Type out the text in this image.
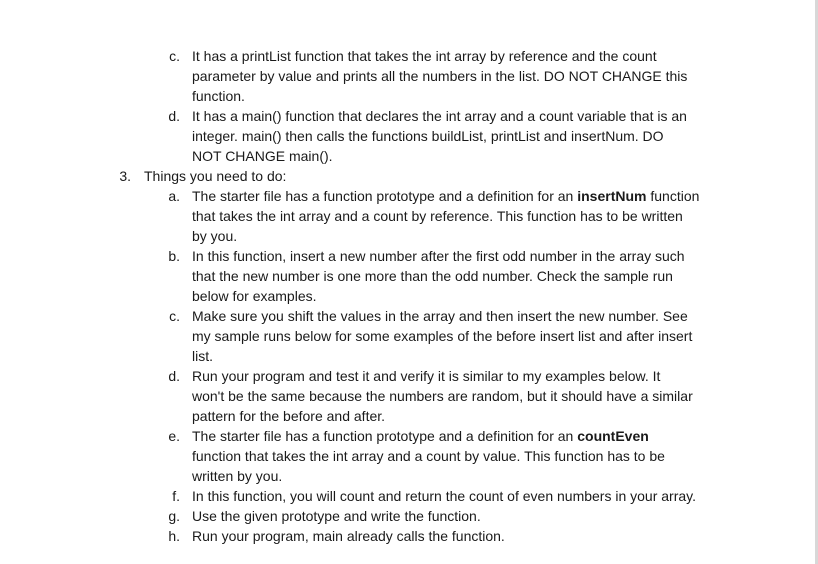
c. It has a printList function that takes the int array by reference and the count
parameter by value and prints all the numbers in the list. DO NOT CHANGE this
function.
d. It has a main() function that declares the int array and a count variable that is an
integer. main() then calls the functions buildList, printList and insertNum. DO
NOT CHANGE main().
3. Things you need to do:
a. The starter file has a function prototype and a definition for an insertNum function
that takes the int array and a count by reference. This function has to be written
by you.
b. In this function, insert a new number after the first odd number in the array such
that the new number is one more than the odd number. Check the sample run
below for examples.
c. Make sure you shift the values in the array and then insert the new number. See
my sample runs below for some examples of the before insert list and after insert
list.
d. Run your program and test it and verify it is similar to my examples below. It
won't be the same because the numbers are random, but it should have a similar
pattern for the before and after.
e. The starter file has a function prototype and a definition for an countEven
function that takes the int array and a count by value. This function has to be
written by you.
f. In this function, you will count and return the count of even numbers in your array.
g. Use the given prototype and write the function.
h. Run your program, main already calls the function.
